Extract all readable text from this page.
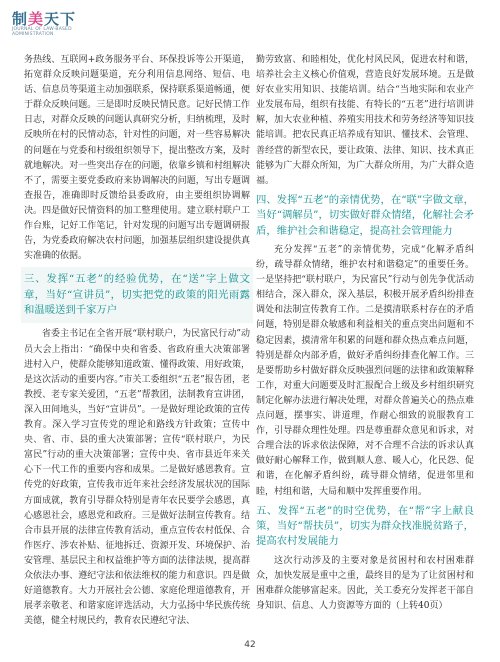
制美天下
JOURNAL OF LAW-BASED ADMINISTRATION

务热线、互联网+政务服务平台、环保投诉等公开渠道，拓宽群众反映问题渠道，充分利用信息网络、短信、电话、信息员等渠道主动加强联系，保持联系渠道畅通，便于群众反映问题。三是即时反映民情民意。记好民情工作日志，对群众反映的问题认真研究分析，归纳梳理，及时反映所在村的民情动态，针对性的问题，对一些容易解决的问题在与党委和村级组织领导下，提出整改方案，及时就地解决。对一些突出存在的问题，依靠乡镇和村组解决不了，需要主要党委政府来协调解决的问题，写出专题调查报告，准确即时反馈给县委政府，由主要组织协调解决。四是做好民情资料的加工整理使用。建立联村联户工作台账，记好工作笔记，针对发现的问题写出专题调研报告，为党委政府解决农村问题，加强基层组织建设提供真实准确的依据。

三、发挥“五老”的经验优势，在“送”字上做文章，当好“宣讲员”，切实把党的政策的阳光雨露和温暖送到千家万户

省委主书记在全省开展“联村联户，为民富民行动”动员大会上指出：“确保中央和省委、省政府重大决策部署进村入户，使群众能够知道政策、懂得政策、用好政策，是这次活动的重要内容。”市关工委组织“五老”报告团，老教授、老专家关爱团，“五老”帮教团，法制教育宣讲团，深入田间地头，当好“宣讲员”。一是做好理论政策的宣传教育。深入学习宣传党的理论和路线方针政策；宣传中央、省、市、县的重大决策部署；宣传“联村联户，为民富民”行动的重大决策部署；宣传中央、省市县近年来关心下一代工作的重要内容和成果。二是做好感恩教育。宣传党的好政策，宣传我市近年来社会经济发展状况的国际方面成就，教育引导群众特别是青年农民要学会感恩，真心感恩社会，感恩党和政府。三是做好法制宣传教育。结合市县开展的法律宣传教育活动，重点宣传农村低保、合作医疗、涉农补贴、征地拆迁、资源开发、环境保护、治安管理、基层民主和权益维护等方面的法律法规，提高群众依法办事、遵纪守法和依法维权的能力和意识。四是做好道德教育。大力开展社会公德、家庭伦理道德教育，开展孝亲敬老、和谐家庭评选活动，大力弘扬中华民族传统美德，健全村规民约，教育农民遵纪守法、

勤劳致富、和睦相处，优化村风民风，促进农村和谐，培养社会主义核心价值观，营造良好发展环境。五是做好农业实用知识、技能培训。结合“当地实际和农业产业发展布局，组织有技能、有特长的“五老”进行培训讲解，加大农业种植、养殖实用技术和劳务经济等知识技能培训。把农民真正培养成有知识、懂技术、会管理、善经营的新型农民，要让政策、法律、知识、技术真正能够为广大群众所知，为广大群众所用，为广大群众造福。

四、发挥“五老”的亲情优势，在“联”字做文章，当好“调解员”，切实做好群众情绪，化解社会矛盾，维护社会和谐稳定，提高社会管理能力

充分发挥“五老”的亲情优势，完成“化解矛盾纠纷，疏导群众情绪，维护农村和谐稳定”的重要任务。一是坚持把“联村联户，为民富民”行动与创先争优活动相结合，深入群众，深入基层，积极开展矛盾纠纷排查调处和法制宣传教育工作。二是摸清联系村存在的矛盾问题，特别是群众敏感和利益相关的重点突出问题和不稳定因素，摸清常年积累的问题和群众热点难点问题，特别是群众内部矛盾，做好矛盾纠纷排查化解工作。三是要帮助乡村做好群众反映强烈问题的法律和政策解释工作，对重大问题要及时汇报配合上级及乡村组织研究制定化解办法进行解决处理，对群众普遍关心的热点难点问题，摆事实、讲道理，作耐心细致的说服教育工作，引导群众理性处理。四是尊重群众意见和诉求，对合理合法的诉求依法保障，对不合理不合法的诉求认真做好耐心解释工作，做到顺人意、暖人心，化民怨、促和谐，在化解矛盾纠纷，疏导群众情绪，促进邻里和睦，村组和谐，大局和顺中发挥重要作用。

五、发挥“五老”的时空优势，在“帮”字上献良策，当好“帮扶员”，切实为群众找准脱贫路子，提高农村发展能力

这次行动涉及的主要对象是贫困村和农村困难群众，加快发展是重中之重，最终目的是为了让贫困村和困难群众能够富起来。因此，关工委充分发挥老干部自身知识、信息、人力资源等方面的（上转40页）

42
